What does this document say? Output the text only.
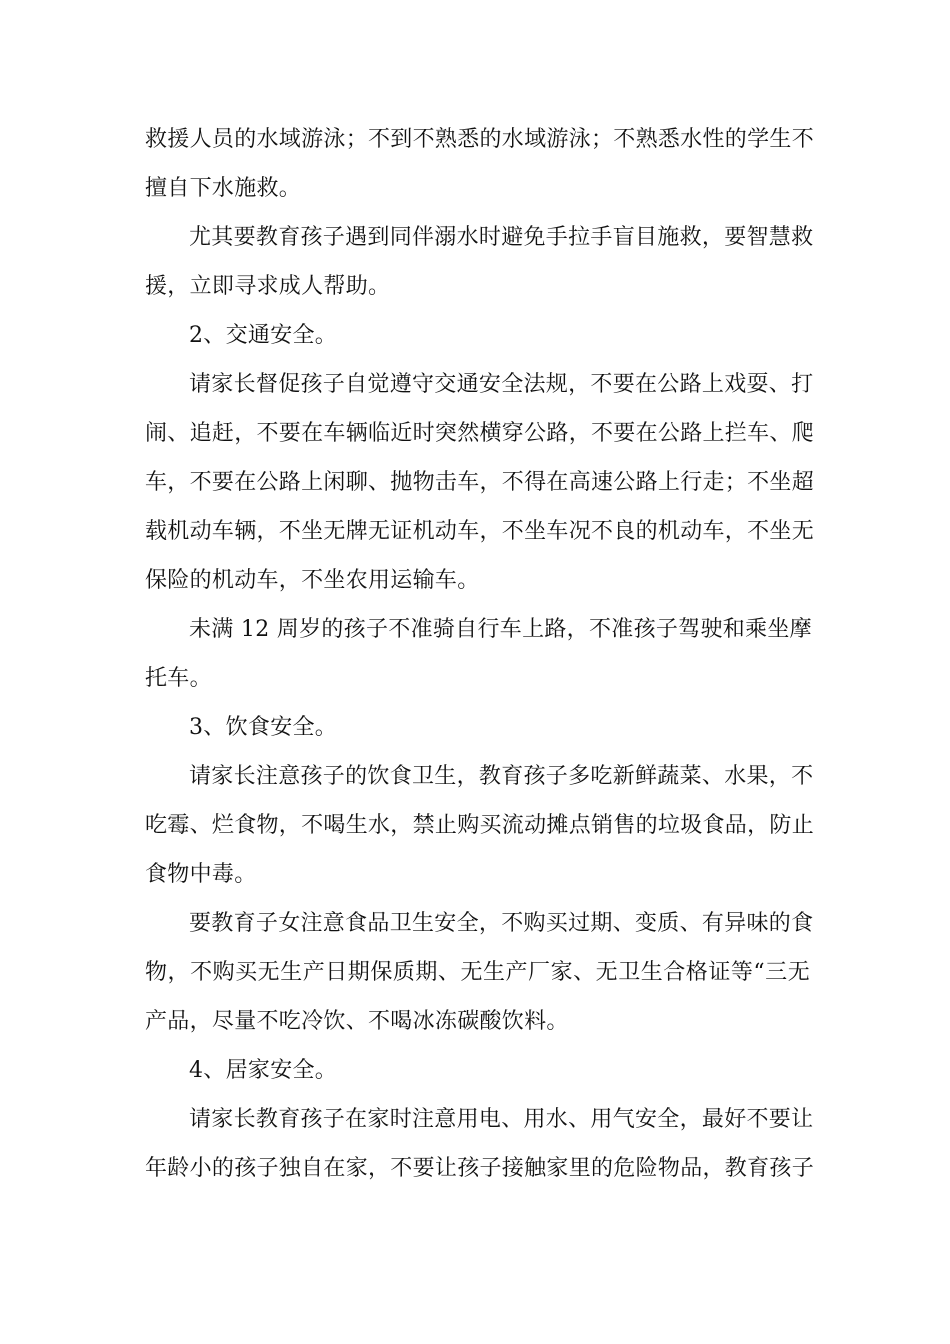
救援人员的水域游泳；不到不熟悉的水域游泳；不熟悉水性的学生不
擅自下水施救。
尤其要教育孩子遇到同伴溺水时避免手拉手盲目施救，要智慧救
援，立即寻求成人帮助。
2、交通安全。
请家长督促孩子自觉遵守交通安全法规，不要在公路上戏耍、打
闹、追赶，不要在车辆临近时突然横穿公路，不要在公路上拦车、爬
车，不要在公路上闲聊、抛物击车，不得在高速公路上行走；不坐超
载机动车辆，不坐无牌无证机动车，不坐车况不良的机动车，不坐无
保险的机动车，不坐农用运输车。
未满 12 周岁的孩子不准骑自行车上路，不准孩子驾驶和乘坐摩
托车。
3、饮食安全。
请家长注意孩子的饮食卫生，教育孩子多吃新鲜蔬菜、水果，不
吃霉、烂食物，不喝生水，禁止购买流动摊点销售的垃圾食品，防止
食物中毒。
要教育子女注意食品卫生安全，不购买过期、变质、有异味的食
物，不购买无生产日期保质期、无生产厂家、无卫生合格证等“三无
产品，尽量不吃冷饮、不喝冰冻碳酸饮料。
4、居家安全。
请家长教育孩子在家时注意用电、用水、用气安全，最好不要让
年龄小的孩子独自在家，不要让孩子接触家里的危险物品，教育孩子
